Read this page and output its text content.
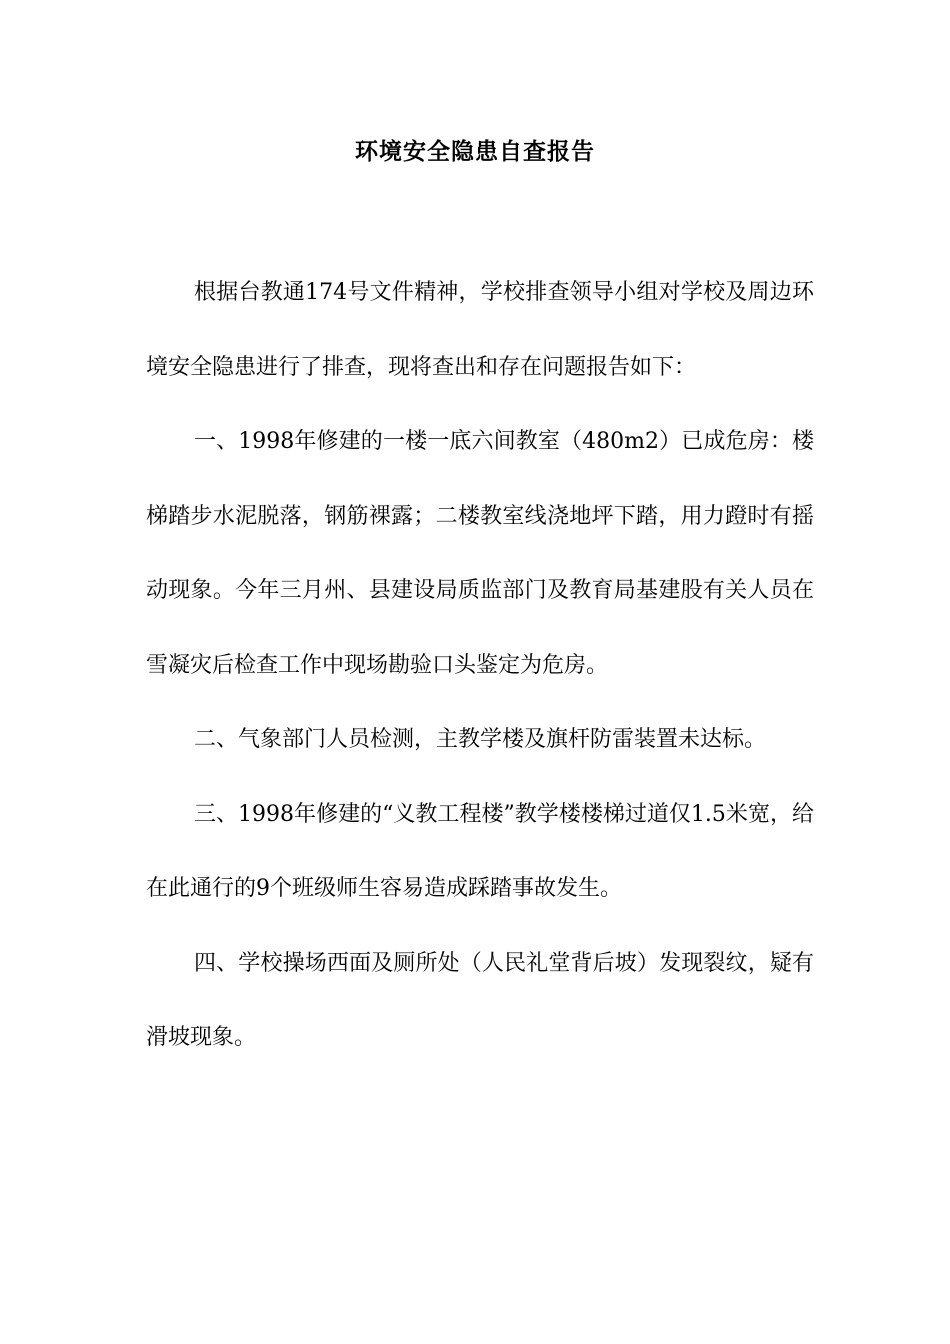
环境安全隐患自查报告

根据台教通174号文件精神，学校排查领导小组对学校及周边环境安全隐患进行了排查，现将查出和存在问题报告如下：

一、1998年修建的一楼一底六间教室（480m2）已成危房：楼梯踏步水泥脱落，钢筋裸露；二楼教室线浇地坪下踏，用力蹬时有摇动现象。今年三月州、县建设局质监部门及教育局基建股有关人员在雪凝灾后检查工作中现场勘验口头鉴定为危房。

二、气象部门人员检测，主教学楼及旗杆防雷装置未达标。

三、1998年修建的“义教工程楼”教学楼楼梯过道仅1.5米宽，给在此通行的9个班级师生容易造成踩踏事故发生。

四、学校操场西面及厕所处（人民礼堂背后坡）发现裂纹，疑有滑坡现象。
